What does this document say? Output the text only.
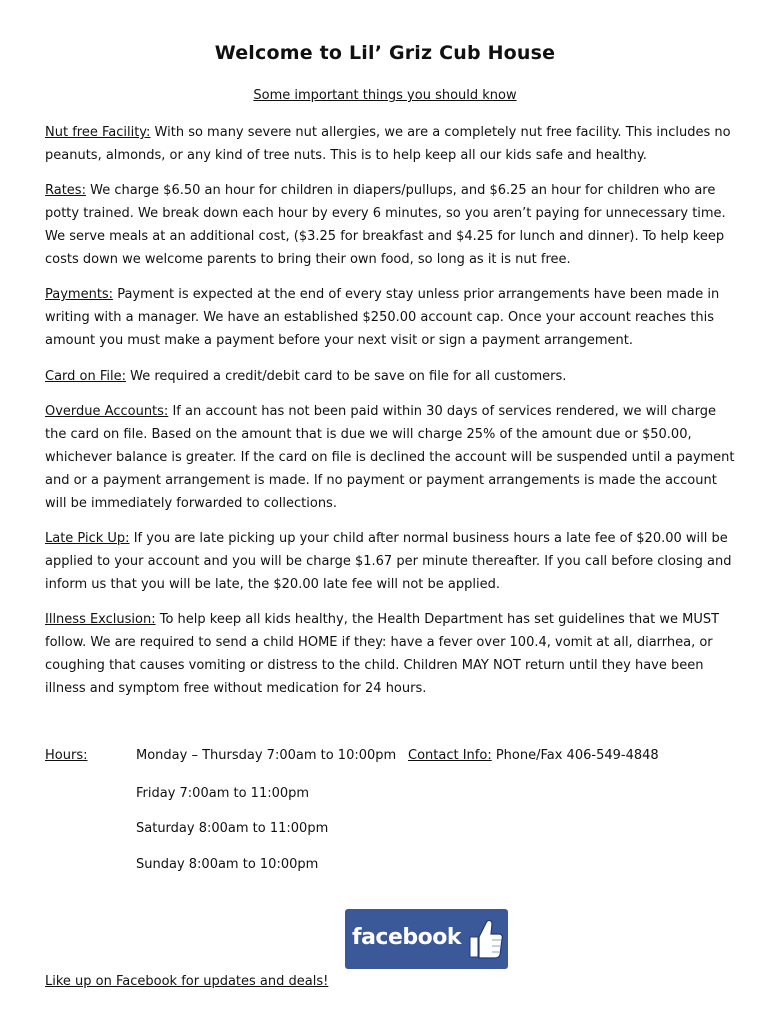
Welcome to Lil’ Griz Cub House
Some important things you should know

Nut free Facility: With so many severe nut allergies, we are a completely nut free facility. This includes no peanuts, almonds, or any kind of tree nuts. This is to help keep all our kids safe and healthy.

Rates: We charge $6.50 an hour for children in diapers/pullups, and $6.25 an hour for children who are potty trained. We break down each hour by every 6 minutes, so you aren’t paying for unnecessary time. We serve meals at an additional cost, ($3.25 for breakfast and $4.25 for lunch and dinner). To help keep costs down we welcome parents to bring their own food, so long as it is nut free.

Payments: Payment is expected at the end of every stay unless prior arrangements have been made in writing with a manager. We have an established $250.00 account cap. Once your account reaches this amount you must make a payment before your next visit or sign a payment arrangement.

Card on File: We required a credit/debit card to be save on file for all customers.

Overdue Accounts: If an account has not been paid within 30 days of services rendered, we will charge the card on file. Based on the amount that is due we will charge 25% of the amount due or $50.00, whichever balance is greater. If the card on file is declined the account will be suspended until a payment and or a payment arrangement is made. If no payment or payment arrangements is made the account will be immediately forwarded to collections.

Late Pick Up: If you are late picking up your child after normal business hours a late fee of $20.00 will be applied to your account and you will be charge $1.67 per minute thereafter. If you call before closing and inform us that you will be late, the $20.00 late fee will not be applied.

Illness Exclusion: To help keep all kids healthy, the Health Department has set guidelines that we MUST follow. We are required to send a child HOME if they: have a fever over 100.4, vomit at all, diarrhea, or coughing that causes vomiting or distress to the child. Children MAY NOT return until they have been illness and symptom free without medication for 24 hours.

Hours:	Monday – Thursday 7:00am to 10:00pm
Friday 7:00am to 11:00pm
Saturday 8:00am to 11:00pm
Sunday 8:00am to 10:00pm
Contact Info: Phone/Fax 406-549-4848
facebook
Like up on Facebook for updates and deals!
